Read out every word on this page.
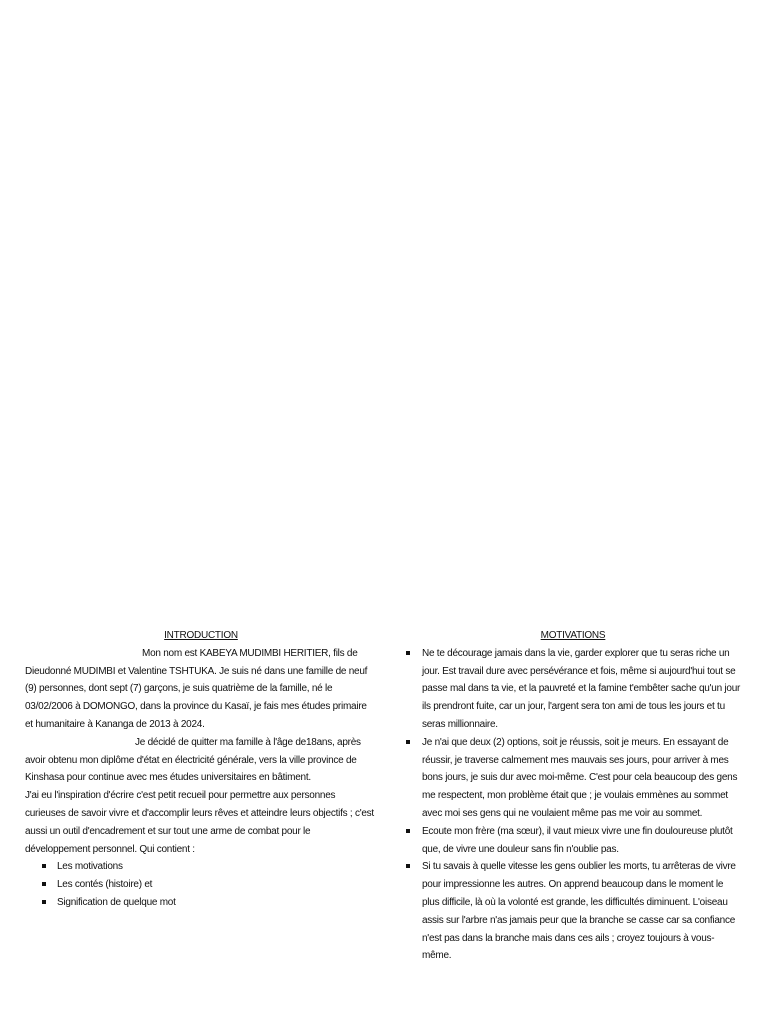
INTRODUCTION

Mon nom est KABEYA MUDIMBI HERITIER, fils de Dieudonné MUDIMBI et Valentine TSHTUKA. Je suis né dans une famille de neuf (9) personnes, dont sept (7) garçons, je suis quatrième de la famille, né le 03/02/2006 à DOMONGO, dans la province du Kasaï, je fais mes études primaire et humanitaire à Kananga de 2013 à 2024.

Je décidé de quitter ma famille à l'âge de18ans, après avoir obtenu mon diplôme d'état en électricité générale, vers la ville province de Kinshasa pour continue avec mes études universitaires en bâtiment.

J'ai eu l'inspiration d'écrire c'est petit recueil pour permettre aux personnes curieuses de savoir vivre et d'accomplir leurs rêves et atteindre leurs objectifs ; c'est aussi un outil d'encadrement et sur tout une arme de combat pour le développement personnel. Qui contient :

Les motivations
Les contés (histoire) et
Signification de quelque mot
MOTIVATIONS
Ne te décourage jamais dans la vie, garder explorer que tu seras riche un jour. Est travail dure avec persévérance et fois, même si aujourd'hui tout se passe mal dans ta vie, et la pauvreté et la famine t'embêter sache qu'un jour ils prendront fuite, car un jour, l'argent sera ton ami de tous les jours et tu seras millionnaire.
Je n'ai que deux (2) options, soit je réussis, soit je meurs. En essayant de réussir, je traverse calmement mes mauvais ses jours, pour arriver à mes bons jours, je suis dur avec moi-même. C'est pour cela beaucoup des gens me respectent, mon problème était que ; je voulais emmènes au sommet avec moi ses gens qui ne voulaient même pas me voir au sommet.
Ecoute mon frère (ma sœur), il vaut mieux vivre une fin douloureuse plutôt que, de vivre une douleur sans fin n'oublie pas.
Si tu savais à quelle vitesse les gens oublier les morts, tu arrêteras de vivre pour impressionne les autres. On apprend beaucoup dans le moment le plus difficile, là où la volonté est grande, les difficultés diminuent. L'oiseau assis sur l'arbre n'as jamais peur que la branche se casse car sa confiance n'est pas dans la branche mais dans ces ails ; croyez toujours à vous-même.
